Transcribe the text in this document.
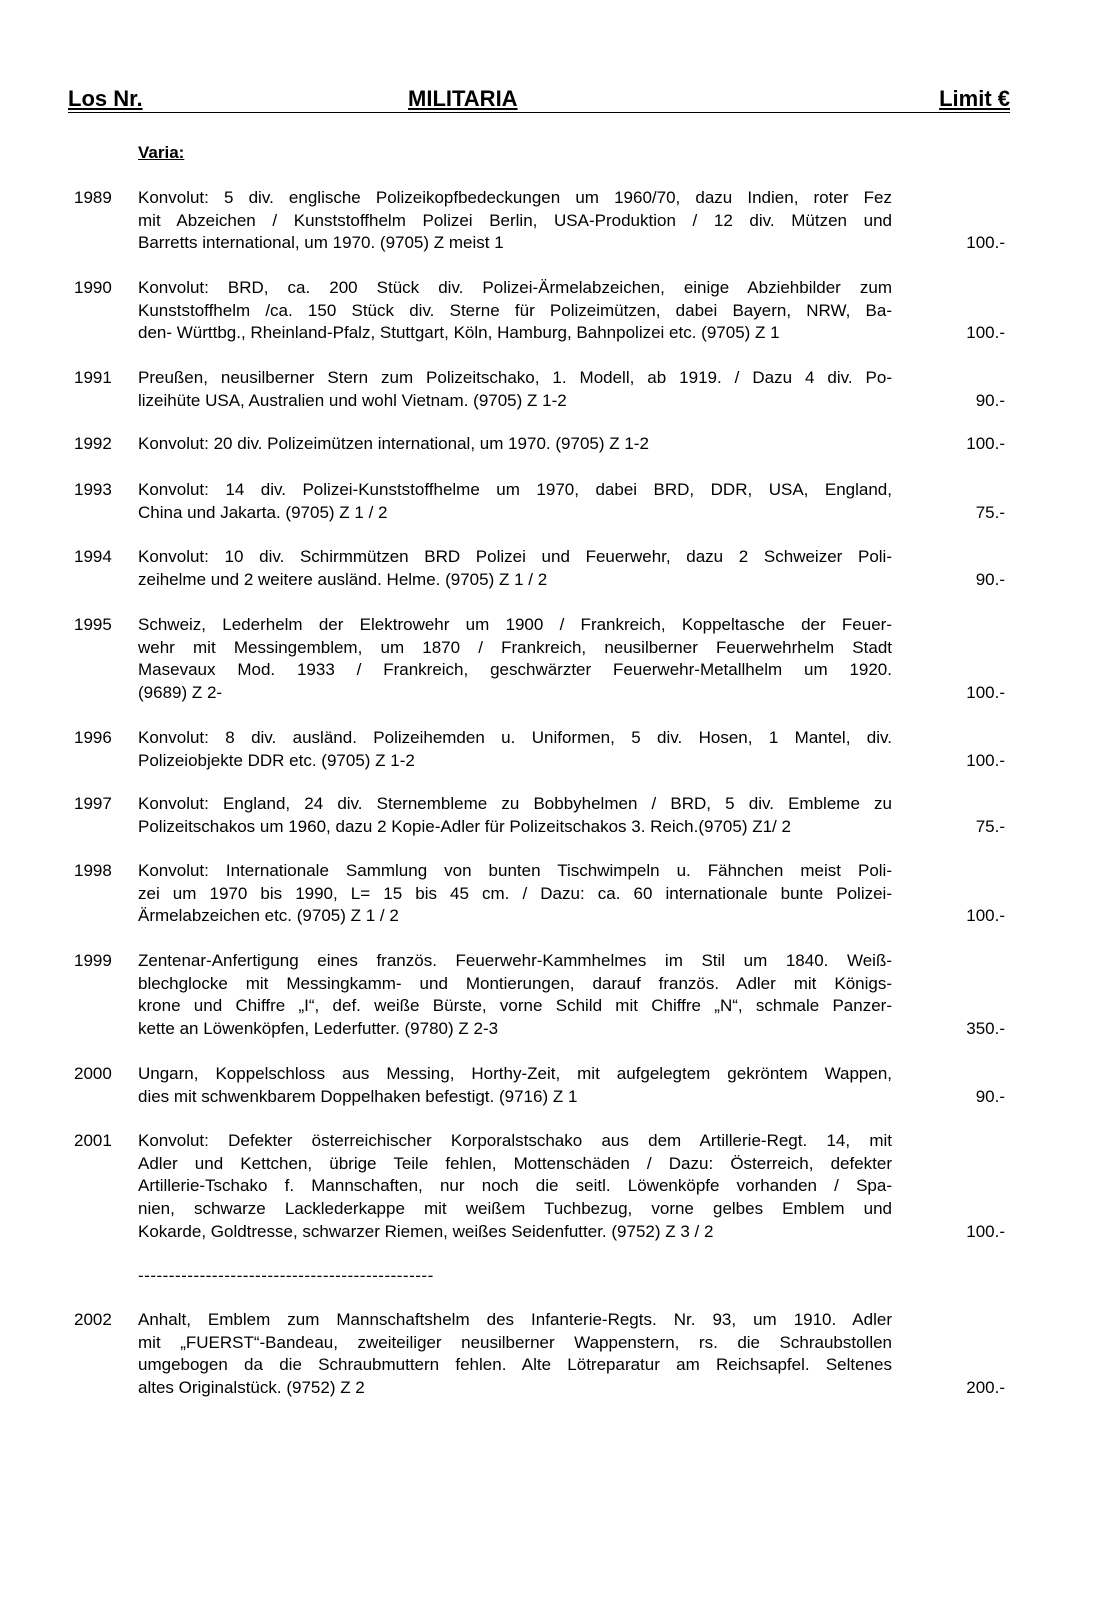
Los Nr.	MILITARIA	Limit €
Varia:
1989 Konvolut: 5 div. englische Polizeikopfbedeckungen um 1960/70, dazu Indien, roter Fez
mit Abzeichen / Kunststoffhelm Polizei Berlin, USA-Produktion / 12 div. Mützen und
Barretts international, um 1970. (9705) Z meist 1	100.-
1990 Konvolut: BRD, ca. 200 Stück div. Polizei-Ärmelabzeichen, einige Abziehbilder zum
Kunststoffhelm /ca. 150 Stück div. Sterne für Polizeimützen, dabei Bayern, NRW, Ba-
den- Württbg., Rheinland-Pfalz, Stuttgart, Köln, Hamburg, Bahnpolizei etc. (9705) Z 1	100.-
1991 Preußen, neusilberner Stern zum Polizeitschako, 1. Modell, ab 1919. / Dazu 4 div. Po-
lizeihüte USA, Australien und wohl Vietnam. (9705) Z 1-2	90.-
1992 Konvolut: 20 div. Polizeimützen international, um 1970. (9705) Z 1-2	100.-
1993 Konvolut: 14 div. Polizei-Kunststoffhelme um 1970, dabei BRD, DDR, USA, England,
China und Jakarta. (9705) Z 1 / 2	75.-
1994 Konvolut: 10 div. Schirmmützen BRD Polizei und Feuerwehr, dazu 2 Schweizer Poli-
zeihelme und 2 weitere ausländ. Helme. (9705) Z 1 / 2	90.-
1995 Schweiz, Lederhelm der Elektrowehr um 1900 / Frankreich, Koppeltasche der Feuer-
wehr mit Messingemblem, um 1870 / Frankreich, neusilberner Feuerwehrhelm Stadt
Masevaux Mod. 1933 / Frankreich, geschwärzter Feuerwehr-Metallhelm um 1920.
(9689) Z 2-	100.-
1996 Konvolut: 8 div. ausländ. Polizeihemden u. Uniformen, 5 div. Hosen, 1 Mantel, div.
Polizeiobjekte DDR etc. (9705) Z 1-2	100.-
1997 Konvolut: England, 24 div. Sternembleme zu Bobbyhelmen / BRD, 5 div. Embleme zu
Polizeitschakos um 1960, dazu 2 Kopie-Adler für Polizeitschakos 3. Reich.(9705) Z1/ 2	75.-
1998 Konvolut: Internationale Sammlung von bunten Tischwimpeln u. Fähnchen meist Poli-
zei um 1970 bis 1990, L= 15 bis 45 cm. / Dazu: ca. 60 internationale bunte Polizei-
Ärmelabzeichen etc. (9705) Z 1 / 2	100.-
1999 Zentenar-Anfertigung eines französ. Feuerwehr-Kammhelmes im Stil um 1840. Weiß-
blechglocke mit Messingkamm- und Montierungen, darauf französ. Adler mit Königs-
krone und Chiffre „I“, def. weiße Bürste, vorne Schild mit Chiffre „N“, schmale Panzer-
kette an Löwenköpfen, Lederfutter. (9780) Z 2-3	350.-
2000 Ungarn, Koppelschloss aus Messing, Horthy-Zeit, mit aufgelegtem gekröntem Wappen,
dies mit schwenkbarem Doppelhaken befestigt. (9716) Z 1	90.-
2001 Konvolut: Defekter österreichischer Korporalstschako aus dem Artillerie-Regt. 14, mit
Adler und Kettchen, übrige Teile fehlen, Mottenschäden / Dazu: Österreich, defekter
Artillerie-Tschako f. Mannschaften, nur noch die seitl. Löwenköpfe vorhanden / Spa-
nien, schwarze Lacklederkappe mit weißem Tuchbezug, vorne gelbes Emblem und
Kokarde, Goldtresse, schwarzer Riemen, weißes Seidenfutter. (9752) Z 3 / 2	100.-
2002 Anhalt, Emblem zum Mannschaftshelm des Infanterie-Regts. Nr. 93, um 1910. Adler
mit „FUERST“-Bandeau, zweiteiliger neusilberner Wappenstern, rs. die Schraubstollen
umgebogen da die Schraubmuttern fehlen. Alte Lötreparatur am Reichsapfel. Seltenes
altes Originalstück. (9752) Z 2	200.-
------------------------------------------------
